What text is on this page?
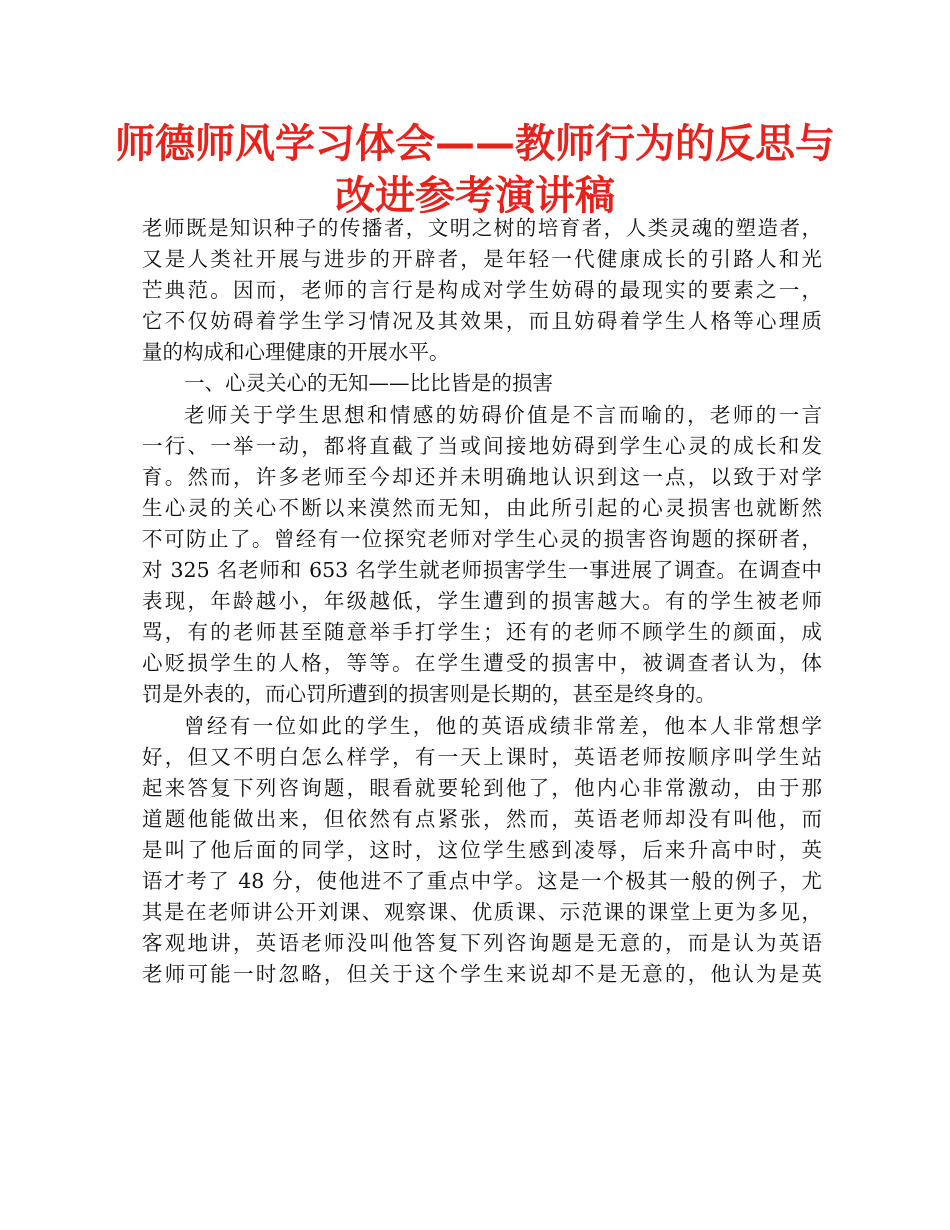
师德师风学习体会——教师行为的反思与
改进参考演讲稿

老师既是知识种子的传播者，文明之树的培育者，人类灵魂的塑造者，
又是人类社开展与进步的开辟者，是年轻一代健康成长的引路人和光
芒典范。因而，老师的言行是构成对学生妨碍的最现实的要素之一，
它不仅妨碍着学生学习情况及其效果，而且妨碍着学生人格等心理质
量的构成和心理健康的开展水平。

一、心灵关心的无知——比比皆是的损害

老师关于学生思想和情感的妨碍价值是不言而喻的，老师的一言
一行、一举一动，都将直截了当或间接地妨碍到学生心灵的成长和发
育。然而，许多老师至今却还并未明确地认识到这一点，以致于对学
生心灵的关心不断以来漠然而无知，由此所引起的心灵损害也就断然
不可防止了。曾经有一位探究老师对学生心灵的损害咨询题的探研者，
对 325 名老师和 653 名学生就老师损害学生一事进展了调查。在调查中
表现，年龄越小，年级越低，学生遭到的损害越大。有的学生被老师
骂，有的老师甚至随意举手打学生；还有的老师不顾学生的颜面，成
心贬损学生的人格，等等。在学生遭受的损害中，被调查者认为，体
罚是外表的，而心罚所遭到的损害则是长期的，甚至是终身的。

曾经有一位如此的学生，他的英语成绩非常差，他本人非常想学
好，但又不明白怎么样学，有一天上课时，英语老师按顺序叫学生站
起来答复下列咨询题，眼看就要轮到他了，他内心非常激动，由于那
道题他能做出来，但依然有点紧张，然而，英语老师却没有叫他，而
是叫了他后面的同学，这时，这位学生感到凌辱，后来升高中时，英
语才考了 48 分，使他进不了重点中学。这是一个极其一般的例子，尤
其是在老师讲公开刘课、观察课、优质课、示范课的课堂上更为多见，
客观地讲，英语老师没叫他答复下列咨询题是无意的，而是认为英语
老师可能一时忽略，但关于这个学生来说却不是无意的，他认为是英
